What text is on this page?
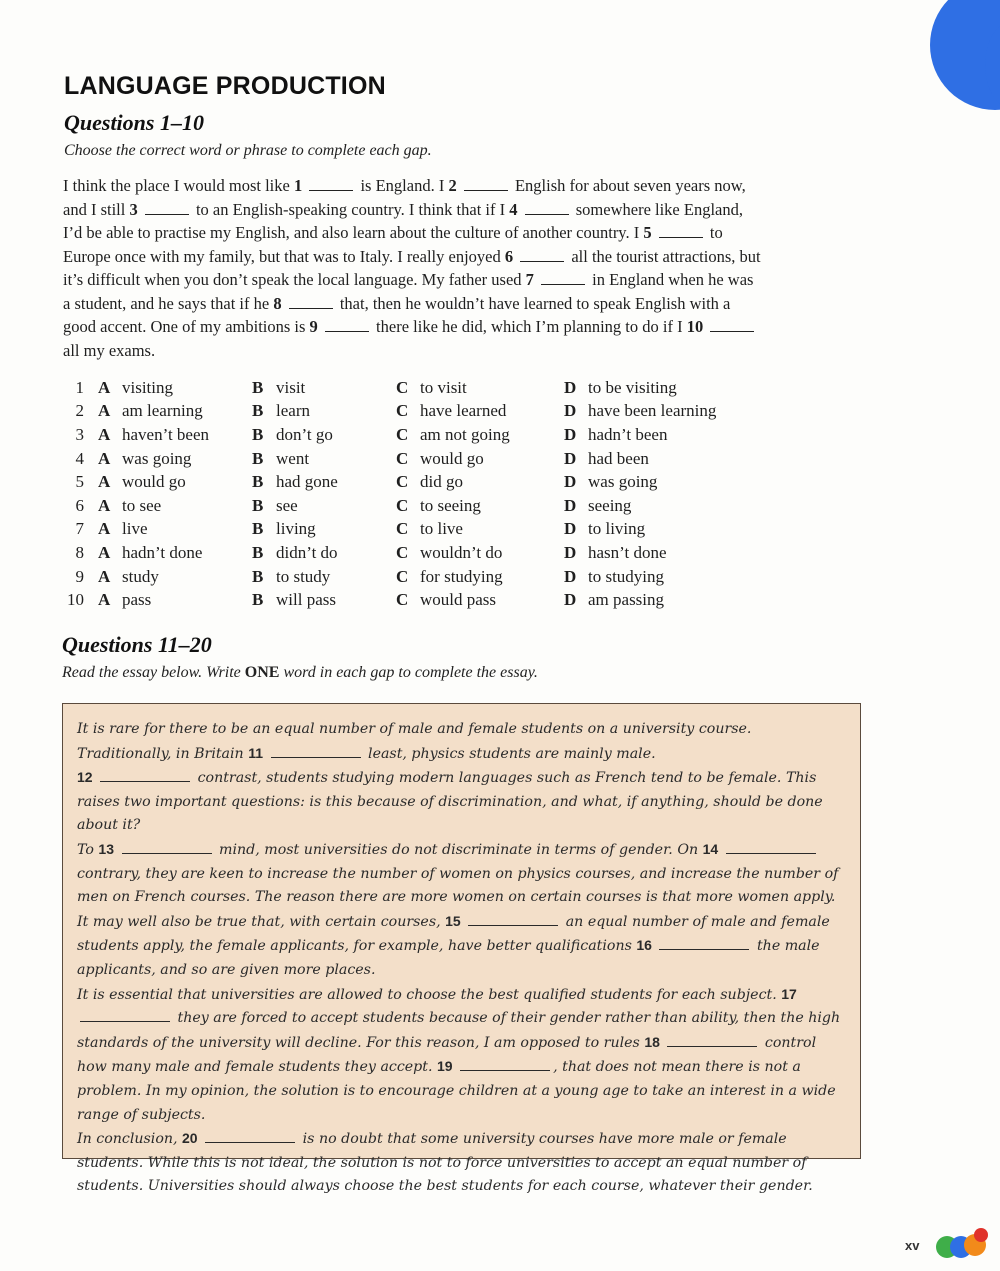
LANGUAGE PRODUCTION
Questions 1–10

Choose the correct word or phrase to complete each gap.

I think the place I would most like 1	is England. I 2	English for about seven years now, and I still 3	to an English-speaking country. I think that if I 4	somewhere like England, I’d be able to practise my English, and also learn about the culture of another country. I 5	to Europe once with my family, but that was to Italy. I really enjoyed 6	all the tourist attractions, but it’s difficult when you don’t speak the local language. My father used 7	in England when he was a student, and he says that if he 8	that, then he wouldn’t have learned to speak English with a good accent. One of my ambitions is 9	there like he did, which I’m planning to do if I 10  all my exams.

1	A	visiting	B	visit	C	to visit	D	to be visiting
2	A	am learning	B	learn	C	have learned	D	have been learning
3	A	haven’t been	B	don’t go	C	am not going	D	hadn’t been
4	A	was going	B	went	C	would go	D	had been
5	A	would go	B	had gone	C	did go	D	was going
6	A	to see	B	see	C	to seeing	D	seeing
7	A	live	B	living	C	to live	D	to living
8	A	hadn’t done	B	didn’t do	C	wouldn’t do	D	hasn’t done
9	A	study	B	to study	C	for studying	D	to studying
10	A	pass	B	will pass	C	would pass	D	am passing
Questions 11–20

Read the essay below. Write ONE word in each gap to complete the essay.

It is rare for there to be an equal number of male and female students on a university course. Traditionally, in Britain 11	least, physics students are mainly male.
12	contrast, students studying modern languages such as French tend to be female. This raises two important questions: is this because of discrimination, and what, if anything, should be done about it?
To 13	mind, most universities do not discriminate in terms of gender. On 14  contrary, they are keen to increase the number of women on physics courses, and increase the number of men on French courses. The reason there are more women on certain courses is that more women apply. It may well also be true that, with certain courses, 15	an equal number of male and female students apply, the female applicants, for example, have better qualifications 16	the male applicants, and so are given more places.
It is essential that universities are allowed to choose the best qualified students for each subject. 17  they are forced to accept students because of their gender rather than ability, then the high standards of the university will decline. For this reason, I am opposed to rules 18	control how many male and female students they accept. 19	, that does not mean there is not a problem. In my opinion, the solution is to encourage children at a young age to take an interest in a wide range of subjects.
In conclusion, 20	is no doubt that some university courses have more male or female students. While this is not ideal, the solution is not to force universities to accept an equal number of students. Universities should always choose the best students for each course, whatever their gender.

xv
